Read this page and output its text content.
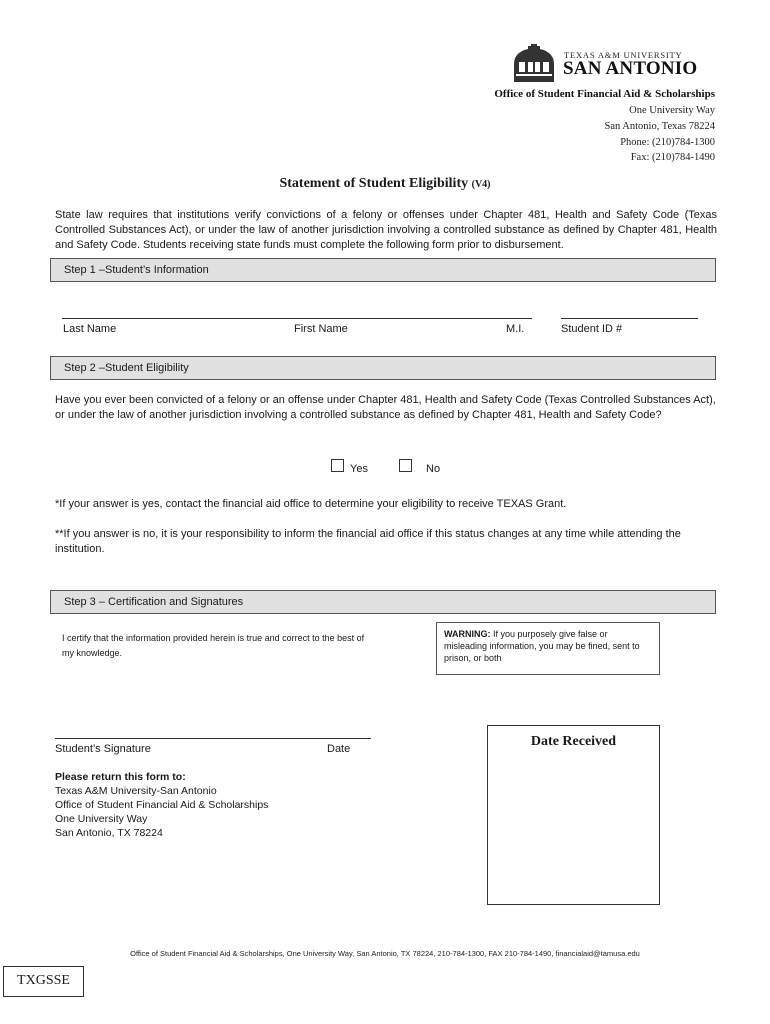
TEXAS A&M UNIVERSITY
SAN ANTONIO
Office of Student Financial Aid & Scholarships
One University Way
San Antonio, Texas 78224
Phone: (210)784-1300
Fax: (210)784-1490
Statement of Student Eligibility (V4)
State law requires that institutions verify convictions of a felony or offenses under Chapter 481, Health and Safety Code (Texas Controlled Substances Act), or under the law of another jurisdiction involving a controlled substance as defined by Chapter 481, Health and Safety Code. Students receiving state funds must complete the following form prior to disbursement.
Step 1 –Student’s Information
Last Name	First Name	M.I.	Student ID #
Step 2 –Student Eligibility
Have you ever been convicted of a felony or an offense under Chapter 481, Health and Safety Code (Texas Controlled Substances Act), or under the law of another jurisdiction involving a controlled substance as defined by Chapter 481, Health and Safety Code?
Yes	No
*If your answer is yes, contact the financial aid office to determine your eligibility to receive TEXAS Grant.
**If you answer is no, it is your responsibility to inform the financial aid office if this status changes at any time while attending the institution.
Step 3 – Certification and Signatures
I certify that the information provided herein is true and correct to the best of my knowledge.

WARNING: If you purposely give false or misleading information, you may be fined, sent to prison, or both

Student’s Signature	Date	Date Received
Please return this form to:
Texas A&M University-San Antonio
Office of Student Financial Aid & Scholarships
One University Way
San Antonio, TX 78224
Office of Student Financial Aid & Scholarships, One University Way, San Antonio, TX 78224, 210-784-1300, FAX 210-784-1490, financialaid@tamusa.edu
TXGSSE
